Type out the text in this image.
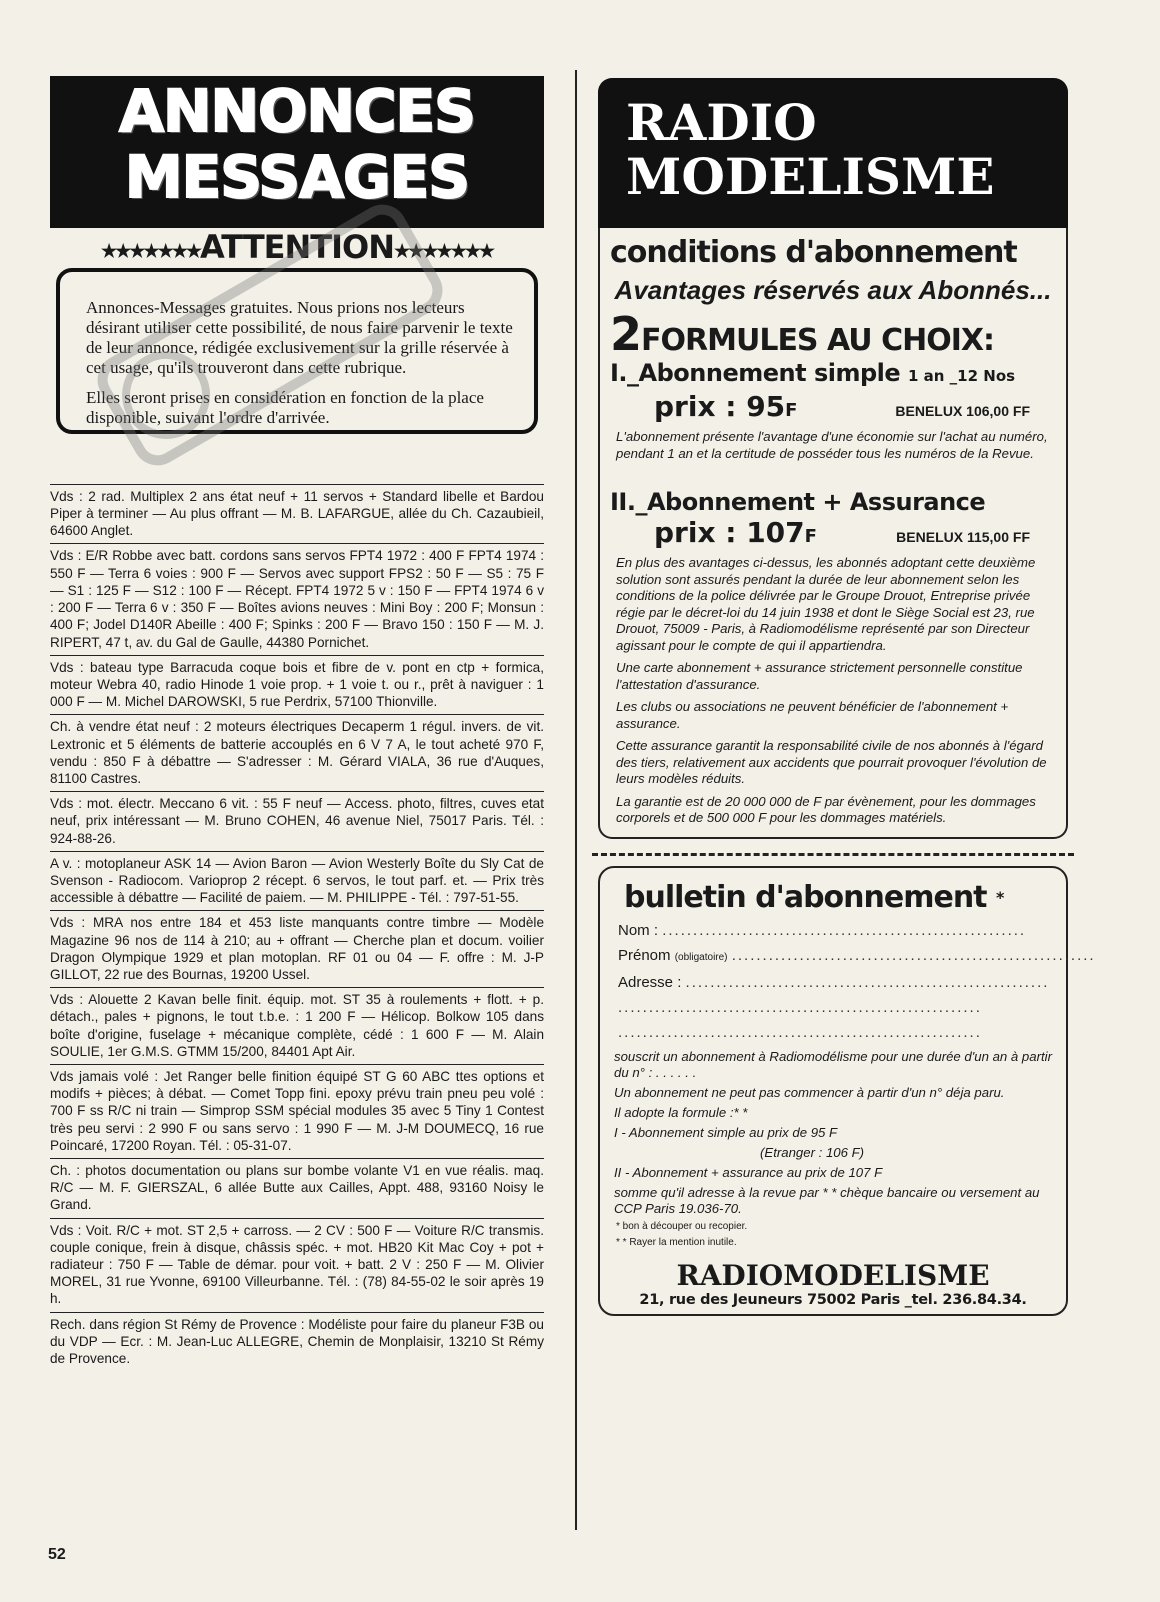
ANNONCES
MESSAGES
★★★★★★★ATTENTION★★★★★★★

Annonces-Messages gratuites. Nous prions nos lecteurs désirant utiliser cette possibilité, de nous faire parvenir le texte de leur annonce, rédigée exclusivement sur la grille réservée à cet usage, qu'ils trouveront dans cette rubrique.

Elles seront prises en considération en fonction de la place disponible, suivant l'ordre d'arrivée.

Vds : 2 rad. Multiplex 2 ans état neuf + 11 servos + Standard libelle et Bardou Piper à terminer — Au plus offrant — M. B. LAFARGUE, allée du Ch. Cazaubieil, 64600 Anglet.
Vds : E/R Robbe avec batt. cordons sans servos FPT4 1972 : 400 F FPT4 1974 : 550 F — Terra 6 voies : 900 F — Servos avec support FPS2 : 50 F — S5 : 75 F — S1 : 125 F — S12 : 100 F — Récept. FPT4 1972 5 v : 150 F — FPT4 1974 6 v : 200 F — Terra 6 v : 350 F — Boîtes avions neuves : Mini Boy : 200 F; Monsun : 400 F; Jodel D140R Abeille : 400 F; Spinks : 200 F — Bravo 150 : 150 F — M. J. RIPERT, 47 t, av. du Gal de Gaulle, 44380 Pornichet.
Vds : bateau type Barracuda coque bois et fibre de v. pont en ctp + formica, moteur Webra 40, radio Hinode 1 voie prop. + 1 voie t. ou r., prêt à naviguer : 1 000 F — M. Michel DAROWSKI, 5 rue Perdrix, 57100 Thionville.
Ch. à vendre état neuf : 2 moteurs électriques Decaperm 1 régul. invers. de vit. Lextronic et 5 éléments de batterie accouplés en 6 V 7 A, le tout acheté 970 F, vendu : 850 F à débattre — S'adresser : M. Gérard VIALA, 36 rue d'Auques, 81100 Castres.
Vds : mot. électr. Meccano 6 vit. : 55 F neuf — Access. photo, filtres, cuves etat neuf, prix intéressant — M. Bruno COHEN, 46 avenue Niel, 75017 Paris. Tél. : 924-88-26.
A v. : motoplaneur ASK 14 — Avion Baron — Avion Westerly Boîte du Sly Cat de Svenson - Radiocom. Varioprop 2 récept. 6 servos, le tout parf. et. — Prix très accessible à débattre — Facilité de paiem. — M. PHILIPPE - Tél. : 797-51-55.
Vds : MRA nos entre 184 et 453 liste manquants contre timbre — Modèle Magazine 96 nos de 114 à 210; au + offrant — Cherche plan et docum. voilier Dragon Olympique 1929 et plan motoplan. RF 01 ou 04 — F. offre : M. J-P GILLOT, 22 rue des Bournas, 19200 Ussel.
Vds : Alouette 2 Kavan belle finit. équip. mot. ST 35 à roulements + flott. + p. détach., pales + pignons, le tout t.b.e. : 1 200 F — Hélicop. Bolkow 105 dans boîte d'origine, fuselage + mécanique complète, cédé : 1 600 F — M. Alain SOULIE, 1er G.M.S. GTMM 15/200, 84401 Apt Air.
Vds jamais volé : Jet Ranger belle finition équipé ST G 60 ABC ttes options et modifs + pièces; à débat. — Comet Topp fini. epoxy prévu train pneu peu volé : 700 F ss R/C ni train — Simprop SSM spécial modules 35 avec 5 Tiny 1 Contest très peu servi : 2 990 F ou sans servo : 1 990 F — M. J-M DOUMECQ, 16 rue Poincaré, 17200 Royan. Tél. : 05-31-07.
Ch. : photos documentation ou plans sur bombe volante V1 en vue réalis. maq. R/C — M. F. GIERSZAL, 6 allée Butte aux Cailles, Appt. 488, 93160 Noisy le Grand.
Vds : Voit. R/C + mot. ST 2,5 + carross. — 2 CV : 500 F — Voiture R/C transmis. couple conique, frein à disque, châssis spéc. + mot. HB20 Kit Mac Coy + pot + radiateur : 750 F — Table de démar. pour voit. + batt. 2 V : 250 F — M. Olivier MOREL, 31 rue Yvonne, 69100 Villeurbanne. Tél. : (78) 84-55-02 le soir après 19 h.
Rech. dans région St Rémy de Provence : Modéliste pour faire du planeur F3B ou du VDP — Ecr. : M. Jean-Luc ALLEGRE, Chemin de Monplaisir, 13210 St Rémy de Provence.
52
RADIO
MODELISME
conditions d'abonnement
Avantages réservés aux Abonnés...
2FORMULES AU CHOIX:
I._Abonnement simple 1 an _12 Nos
prix : 95F	BENELUX 106,00 FF
L'abonnement présente l'avantage d'une économie sur l'achat au numéro, pendant 1 an et la certitude de posséder tous les numéros de la Revue.
II._Abonnement + Assurance
prix : 107F	BENELUX 115,00 FF
En plus des avantages ci-dessus, les abonnés adoptant cette deuxième solution sont assurés pendant la durée de leur abonnement selon les conditions de la police délivrée par le Groupe Drouot, Entreprise privée régie par le décret-loi du 14 juin 1938 et dont le Siège Social est 23, rue Drouot, 75009 - Paris, à Radiomodélisme représenté par son Directeur agissant pour le compte de qui il appartiendra.
Une carte abonnement + assurance strictement personnelle constitue l'attestation d'assurance.
Les clubs ou associations ne peuvent bénéficier de l'abonnement + assurance.
Cette assurance garantit la responsabilité civile de nos abonnés à l'égard des tiers, relativement aux accidents que pourrait provoquer l'évolution de leurs modèles réduits.
La garantie est de 20 000 000 de F par évènement, pour les dommages corporels et de 500 000 F pour les dommages matériels.
bulletin d'abonnement *
Nom : ...........................................................
Prénom (obligatoire) ...........................................................
Adresse : ...........................................................
...........................................................
...........................................................
souscrit un abonnement à Radiomodélisme pour une durée d'un an à partir du n° : . . . . . .
Un abonnement ne peut pas commencer à partir d'un n° déja paru.
Il adopte la formule :* *
I - Abonnement simple au prix de 95 F
(Etranger : 106 F)
II - Abonnement + assurance au prix de 107 F
somme qu'il adresse à la revue par * * chèque bancaire ou versement au CCP Paris 19.036-70.
* bon à découper ou recopier.
* * Rayer la mention inutile.
RADIOMODELISME
21, rue des Jeuneurs 75002 Paris _tel. 236.84.34.
